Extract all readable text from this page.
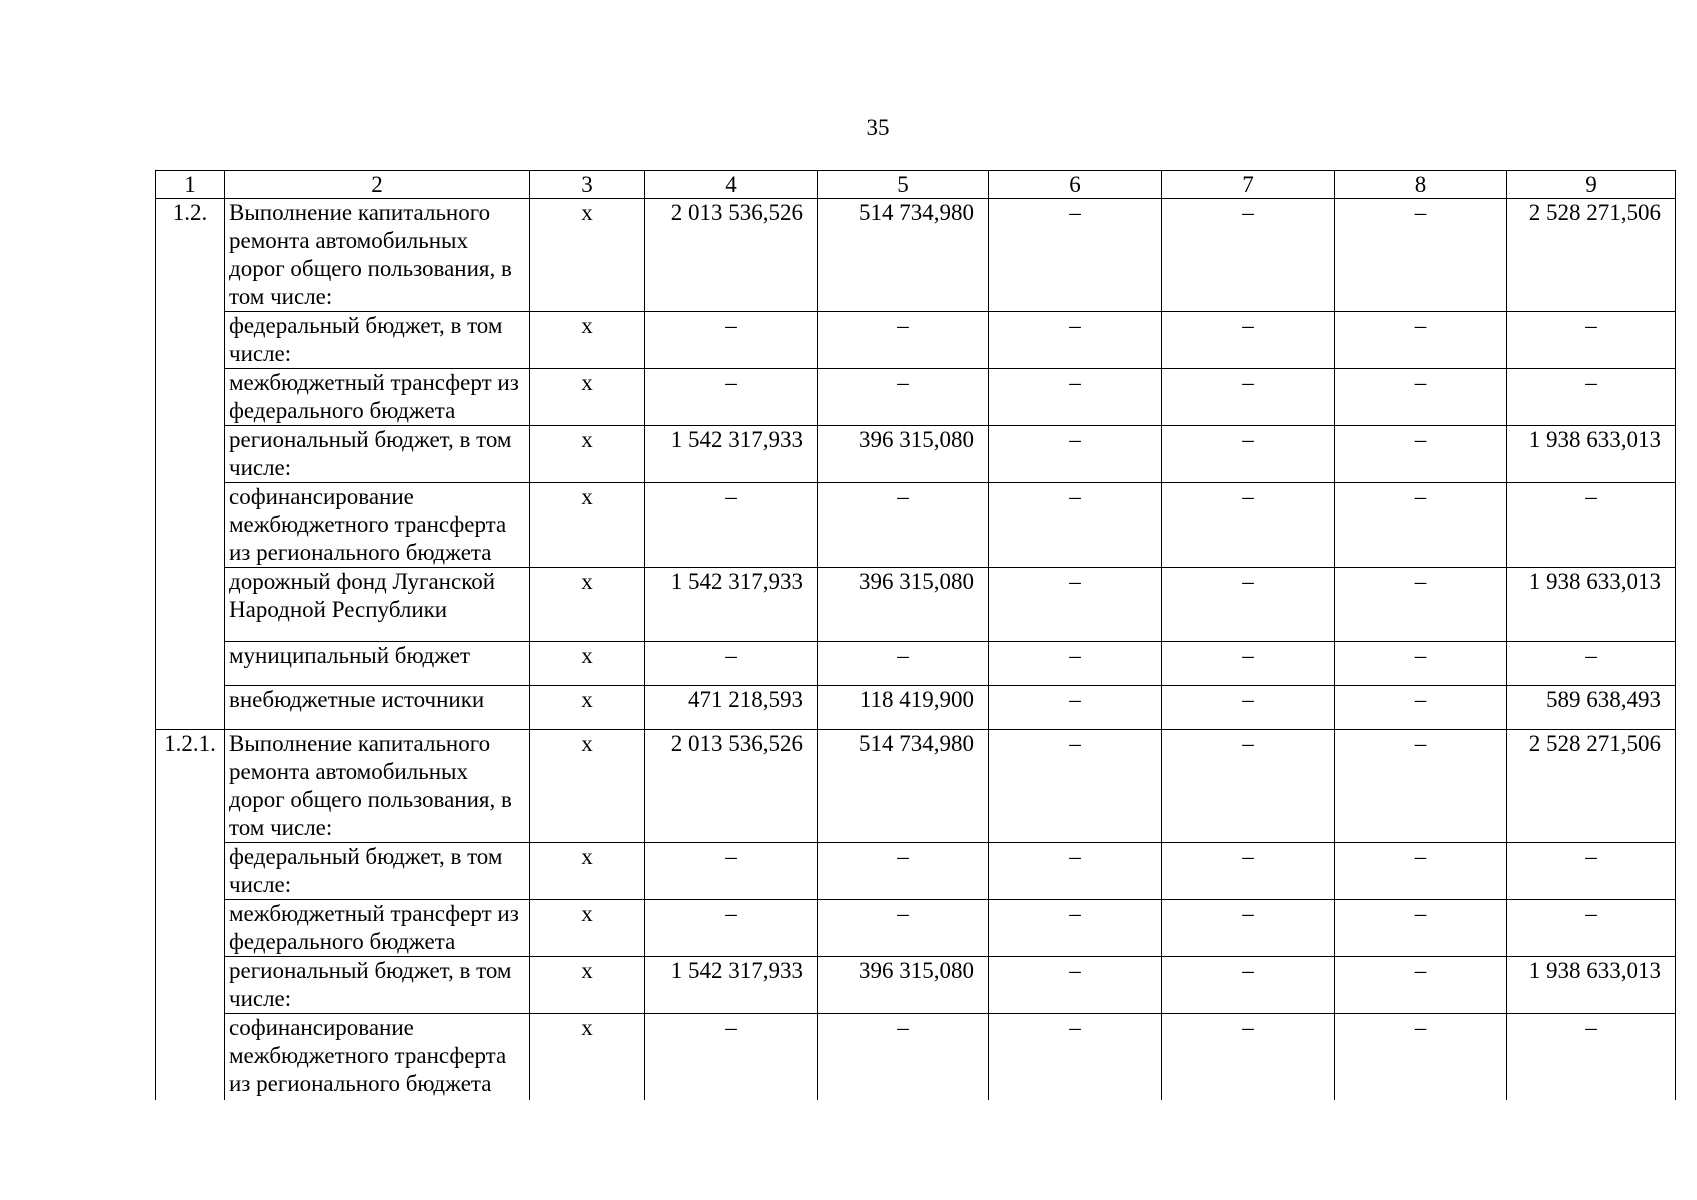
35
1	2	3	4	5	6	7	8	9
1.2.	Выполнение капитального ремонта автомобильных дорог общего пользования, в том числе:	х	2 013 536,526	514 734,980	–	–	–	2 528 271,506
	федеральный бюджет, в том числе:	х	–	–	–	–	–	–
	межбюджетный трансферт из федерального бюджета	х	–	–	–	–	–	–
	региональный бюджет, в том числе:	х	1 542 317,933	396 315,080	–	–	–	1 938 633,013
	софинансирование межбюджетного трансферта из регионального бюджета	х	–	–	–	–	–	–
	дорожный фонд Луганской Народной Республики	х	1 542 317,933	396 315,080	–	–	–	1 938 633,013
	муниципальный бюджет	х	–	–	–	–	–	–
	внебюджетные источники	х	471 218,593	118 419,900	–	–	–	589 638,493
1.2.1.	Выполнение капитального ремонта автомобильных дорог общего пользования, в том числе:	х	2 013 536,526	514 734,980	–	–	–	2 528 271,506
	федеральный бюджет, в том числе:	х	–	–	–	–	–	–
	межбюджетный трансферт из федерального бюджета	х	–	–	–	–	–	–
	региональный бюджет, в том числе:	х	1 542 317,933	396 315,080	–	–	–	1 938 633,013
	софинансирование межбюджетного трансферта из регионального бюджета	х	–	–	–	–	–	–
